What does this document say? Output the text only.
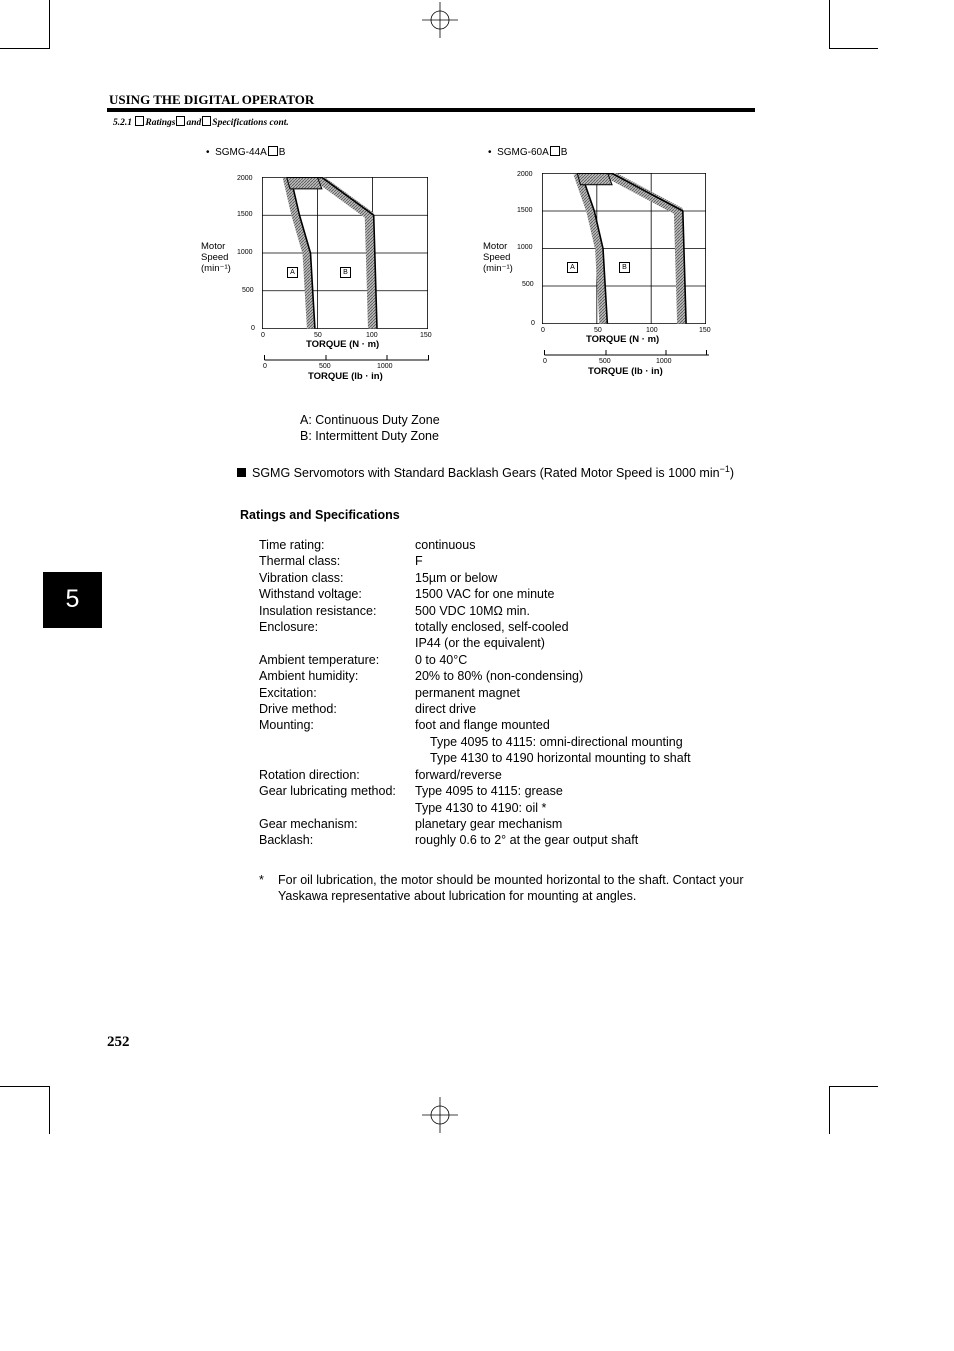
USING THE DIGITAL OPERATOR
5.2.1 Ratings and Specifications cont.
•  SGMG-44A B
Motor
Speed
(min⁻¹)
2000
1500
1000
500
0
A	B
0	50	100	150
TORQUE (N · m)
0	500	1000
TORQUE (lb · in)
•  SGMG-60A B
Motor
Speed
(min⁻¹)
2000
1500
1000
500
0
A	B
0	50	100	150
TORQUE (N · m)
0	500	1000
TORQUE (lb · in)
A: Continuous Duty Zone
B: Intermittent Duty Zone
SGMG Servomotors with Standard Backlash Gears (Rated Motor Speed is 1000 $\min^{-1}$)
Ratings and Specifications
Time rating:	continuous
Thermal class:	F
Vibration class:	15µm or below
Withstand voltage:	1500 VAC for one minute
Insulation resistance:	500 VDC 10MΩ min.
Enclosure:	totally enclosed, self-cooled
IP44 (or the equivalent)
Ambient temperature:	0 to 40°C
Ambient humidity:	20% to 80% (non-condensing)
Excitation:	permanent magnet
Drive method:	direct drive
Mounting:	foot and flange mounted
Type 4095 to 4115: omni-directional mounting
Type 4130 to 4190 horizontal mounting to shaft
Rotation direction:	forward/reverse
Gear lubricating method:	Type 4095 to 4115: grease
Type 4130 to 4190: oil *
Gear mechanism:	planetary gear mechanism
Backlash:	roughly 0.6 to 2° at the gear output shaft
* For oil lubrication, the motor should be mounted horizontal to the shaft. Contact your Yaskawa representative about lubrication for mounting at angles.
5
252
